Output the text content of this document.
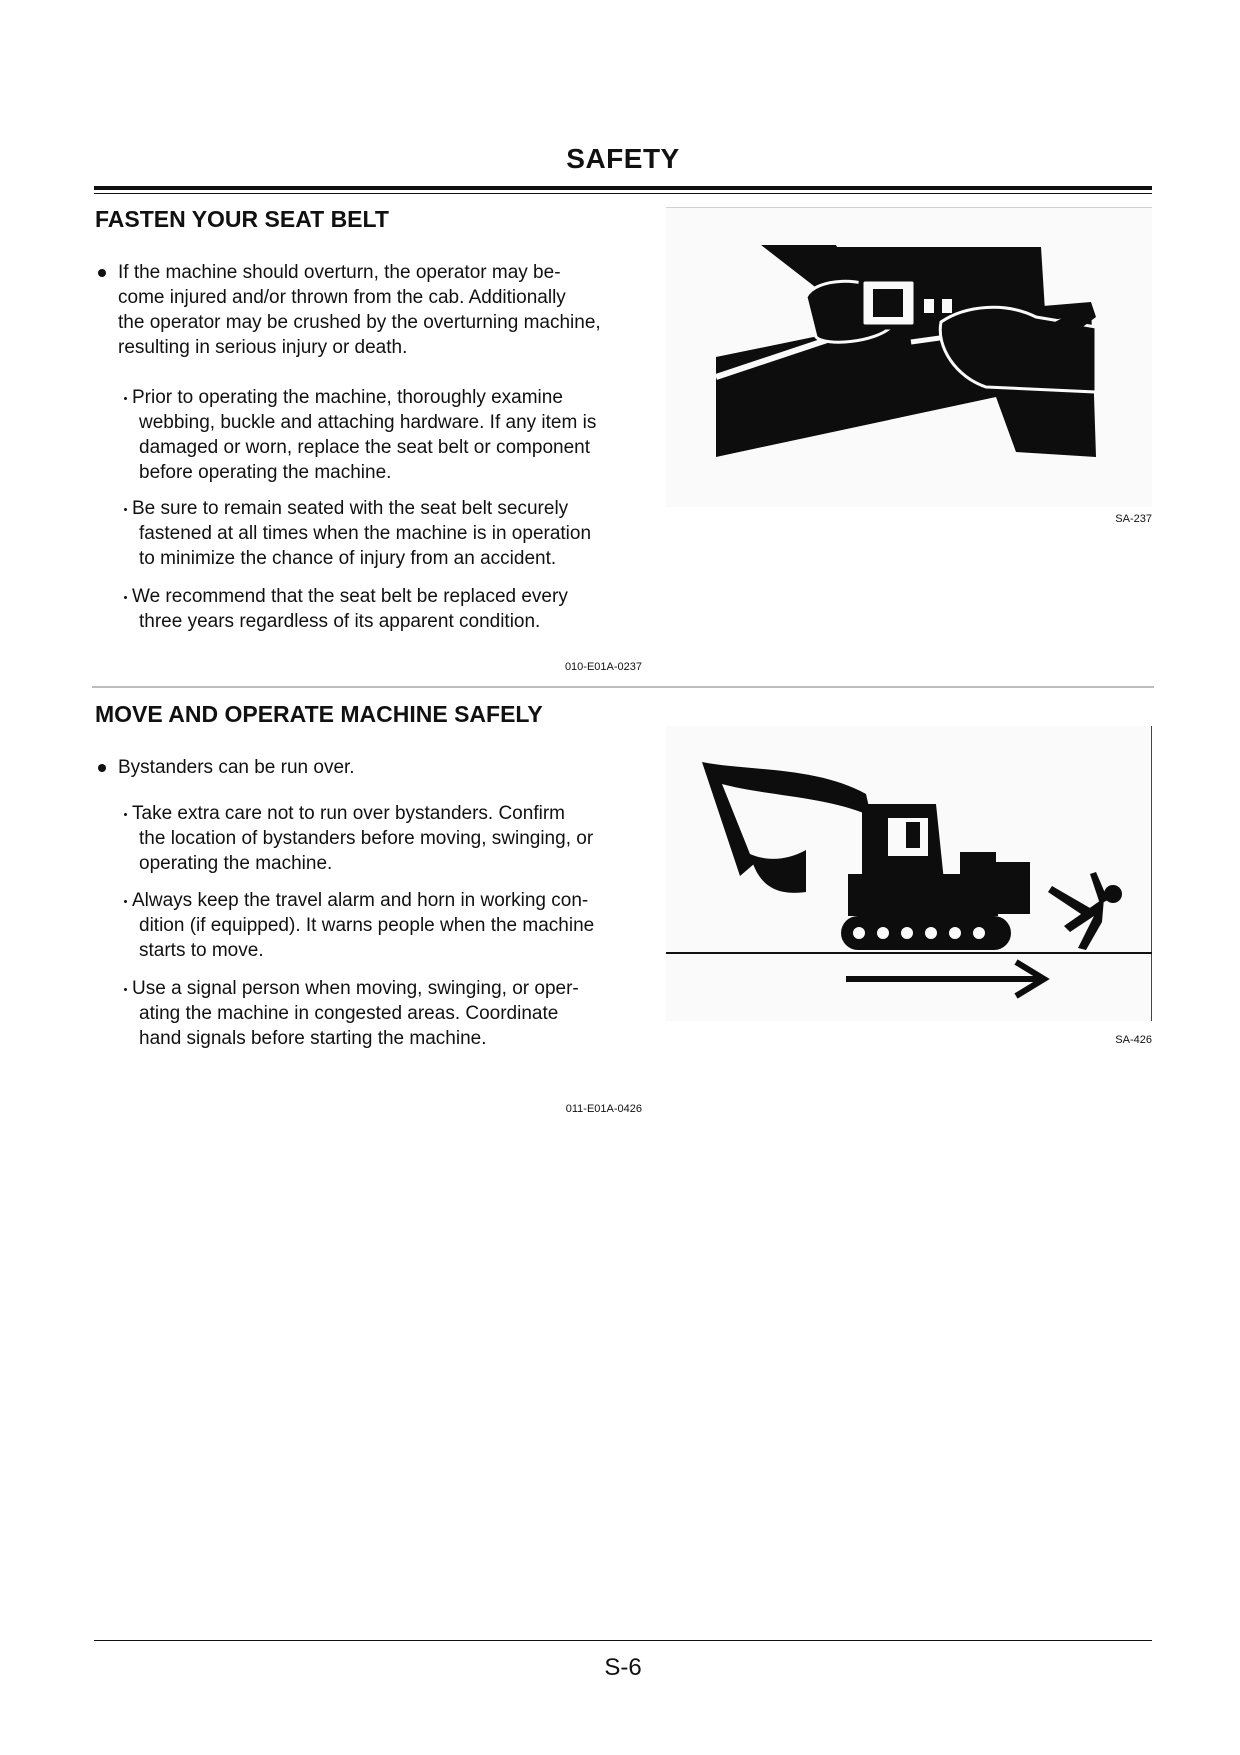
SAFETY
FASTEN YOUR SEAT BELT
If the machine should overturn, the operator may be-
come injured and/or thrown from the cab. Additionally
the operator may be crushed by the overturning machine,
resulting in serious injury or death.
Prior to operating the machine, thoroughly examine
webbing, buckle and attaching hardware. If any item is
damaged or worn, replace the seat belt or component
before operating the machine.
Be sure to remain seated with the seat belt securely
fastened at all times when the machine is in operation
to minimize the chance of injury from an accident.
We recommend that the seat belt be replaced every
three years regardless of its apparent condition.
010-E01A-0237
SA-237
MOVE AND OPERATE MACHINE SAFELY
Bystanders can be run over.
Take extra care not to run over bystanders. Confirm
the location of bystanders before moving, swinging, or
operating the machine.
Always keep the travel alarm and horn in working con-
dition (if equipped). It warns people when the machine
starts to move.
Use a signal person when moving, swinging, or oper-
ating the machine in congested areas. Coordinate
hand signals before starting the machine.
011-E01A-0426
SA-426
S-6
